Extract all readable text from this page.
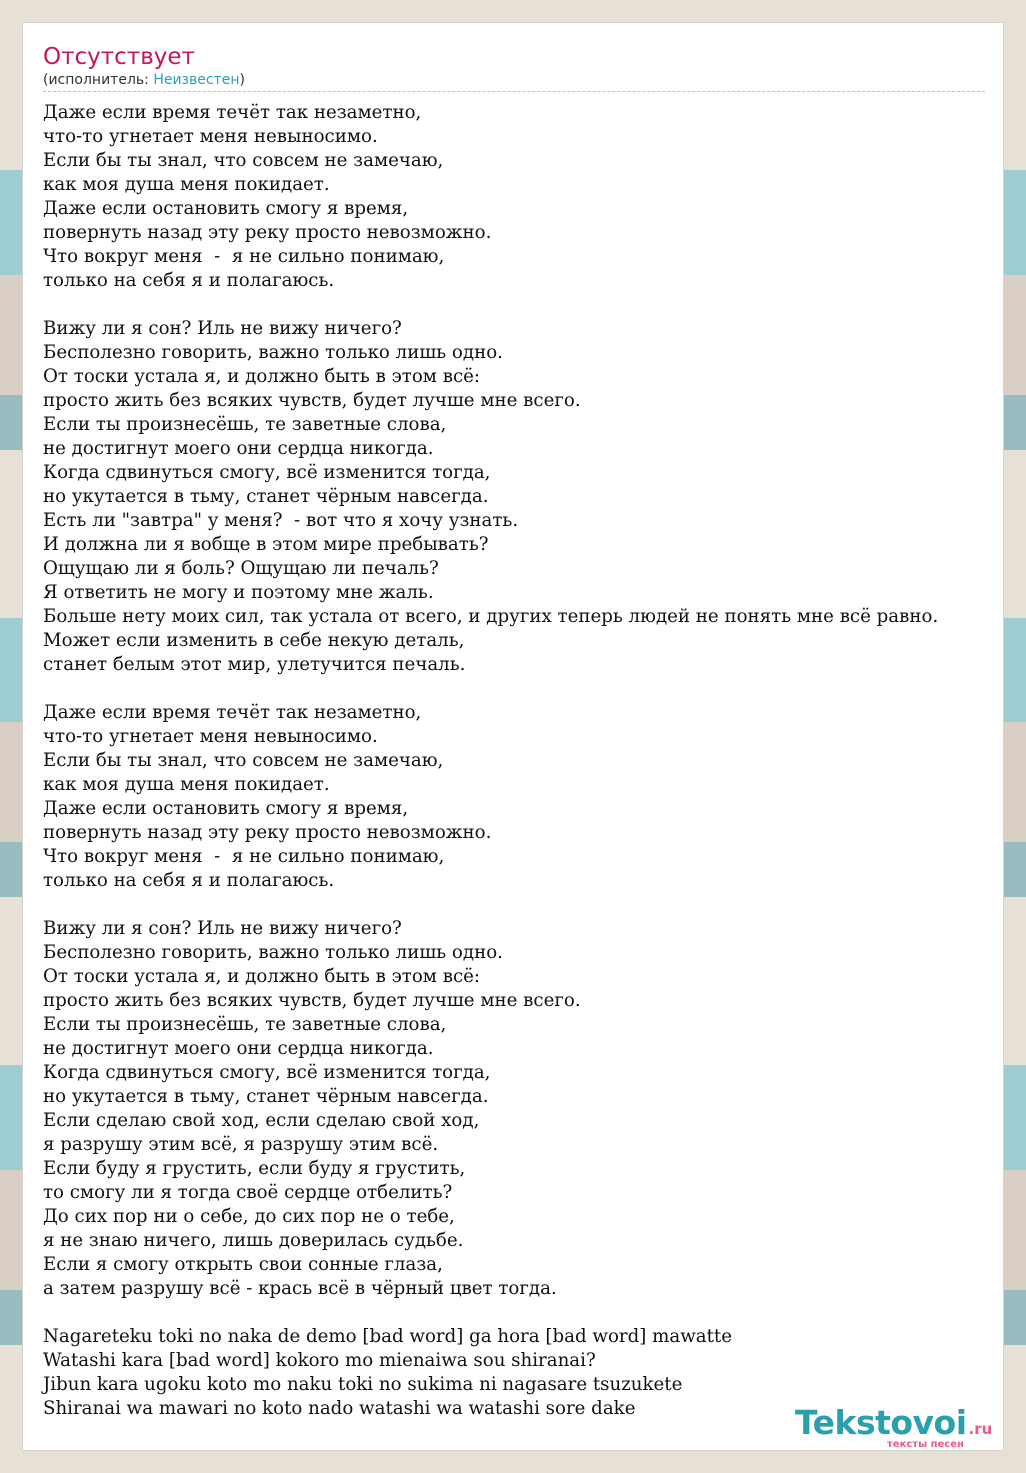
Отсутствует
(исполнитель: Неизвестен)
Даже если время течёт так незаметно,
что-то угнетает меня невыносимо.
Если бы ты знал, что совсем не замечаю,
как моя душа меня покидает.
Даже если остановить смогу я время,
повернуть назад эту реку просто невозможно.
Что вокруг меня  -  я не сильно понимаю,
только на себя я и полагаюсь.

Вижу ли я сон? Иль не вижу ничего?
Бесполезно говорить, важно только лишь одно.
От тоски устала я, и должно быть в этом всё:
просто жить без всяких чувств, будет лучше мне всего.
Если ты произнесёшь, те заветные слова,
не достигнут моего они сердца никогда.
Когда сдвинуться смогу, всё изменится тогда,
но укутается в тьму, станет чёрным навсегда.
Есть ли "завтра" у меня?  - вот что я хочу узнать.
И должна ли я вобще в этом мире пребывать?
Ощущаю ли я боль? Ощущаю ли печаль?
Я ответить не могу и поэтому мне жаль.
Больше нету моих сил, так устала от всего, и других теперь людей не понять мне всё равно.
Может если изменить в себе некую деталь,
станет белым этот мир, улетучится печаль.

Даже если время течёт так незаметно,
что-то угнетает меня невыносимо.
Если бы ты знал, что совсем не замечаю,
как моя душа меня покидает.
Даже если остановить смогу я время,
повернуть назад эту реку просто невозможно.
Что вокруг меня  -  я не сильно понимаю,
только на себя я и полагаюсь.

Вижу ли я сон? Иль не вижу ничего?
Бесполезно говорить, важно только лишь одно.
От тоски устала я, и должно быть в этом всё:
просто жить без всяких чувств, будет лучше мне всего.
Если ты произнесёшь, те заветные слова,
не достигнут моего они сердца никогда.
Когда сдвинуться смогу, всё изменится тогда,
но укутается в тьму, станет чёрным навсегда.
Если сделаю свой ход, если сделаю свой ход,
я разрушу этим всё, я разрушу этим всё.
Если буду я грустить, если буду я грустить,
то смогу ли я тогда своё сердце отбелить?
До сих пор ни о себе, до сих пор не о тебе,
я не знаю ничего, лишь доверилась судьбе.
Если я смогу открыть свои сонные глаза,
а затем разрушу всё - крась всё в чёрный цвет тогда.

Nagareteku toki no naka de demo [bad word] ga hora [bad word] mawatte
Watashi kara [bad word] kokoro mo mienaiwa sou shiranai?
Jibun kara ugoku koto mo naku toki no sukima ni nagasare tsuzukete
Shiranai wa mawari no koto nado watashi wa watashi sore dake	Tekstovoi .ru
тексты песен
